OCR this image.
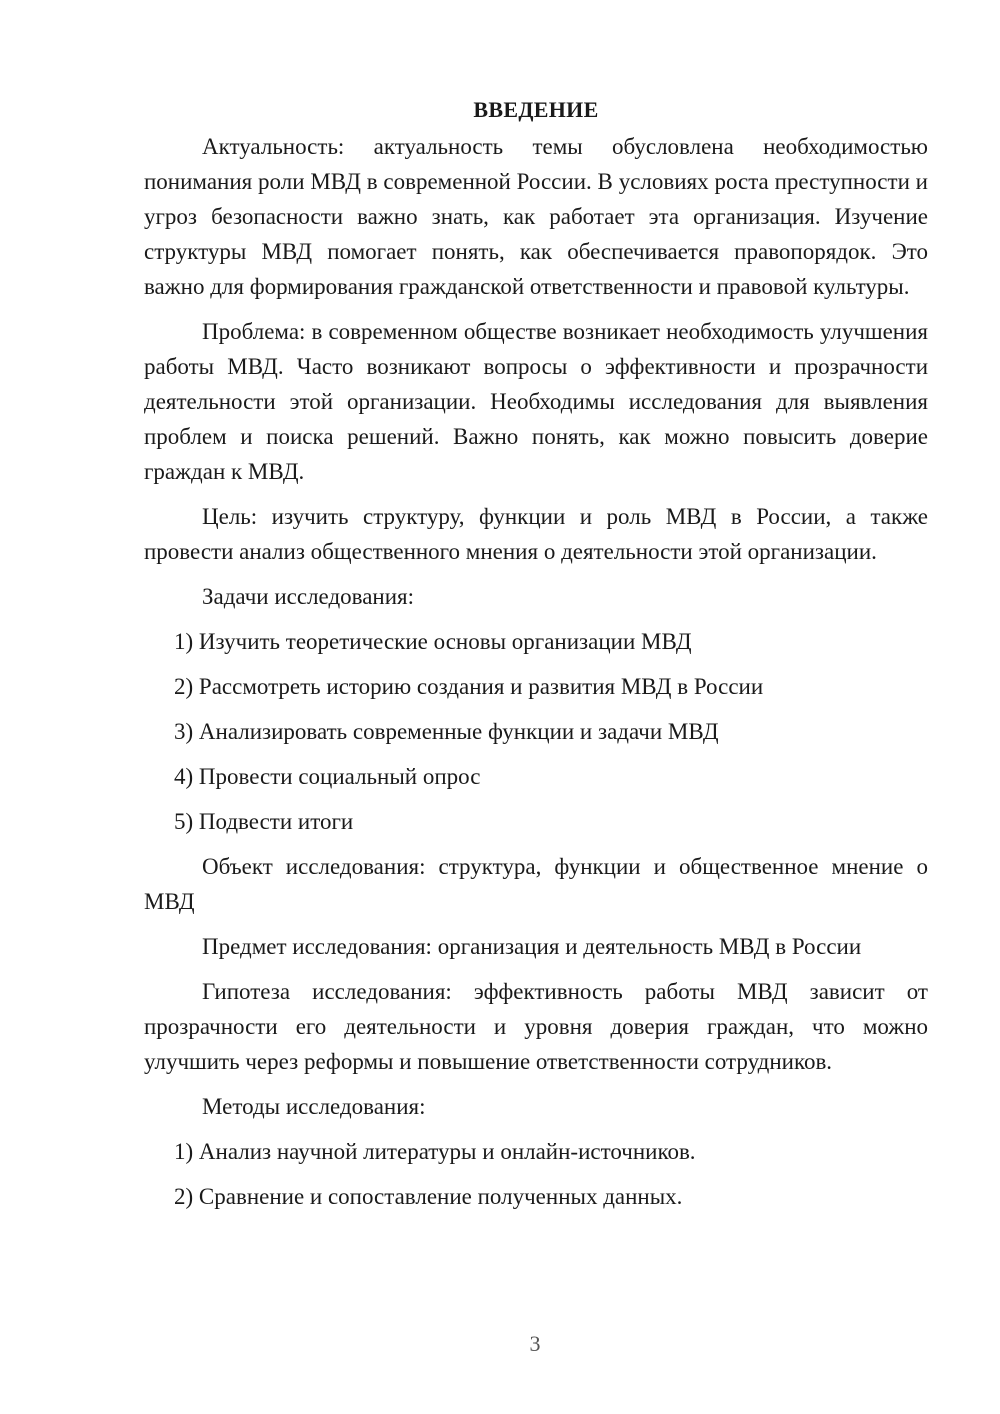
ВВЕДЕНИЕ

Актуальность: актуальность темы обусловлена необходимостью понимания роли МВД в современной России. В условиях роста преступности и угроз безопасности важно знать, как работает эта организация. Изучение структуры МВД помогает понять, как обеспечивается правопорядок. Это важно для формирования гражданской ответственности и правовой культуры.

Проблема: в современном обществе возникает необходимость улучшения работы МВД. Часто возникают вопросы о эффективности и прозрачности деятельности этой организации. Необходимы исследования для выявления проблем и поиска решений. Важно понять, как можно повысить доверие граждан к МВД.

Цель: изучить структуру, функции и роль МВД в России, а также провести анализ общественного мнения о деятельности этой организации.

Задачи исследования:

1) Изучить теоретические основы организации МВД
2) Рассмотреть историю создания и развития МВД в России
3) Анализировать современные функции и задачи МВД
4) Провести социальный опрос
5) Подвести итоги

Объект исследования: структура, функции и общественное мнение о МВД

Предмет исследования: организация и деятельность МВД в России

Гипотеза исследования: эффективность работы МВД зависит от прозрачности его деятельности и уровня доверия граждан, что можно улучшить через реформы и повышение ответственности сотрудников.

Методы исследования:

1) Анализ научной литературы и онлайн-источников.
2) Сравнение и сопоставление полученных данных.
3
